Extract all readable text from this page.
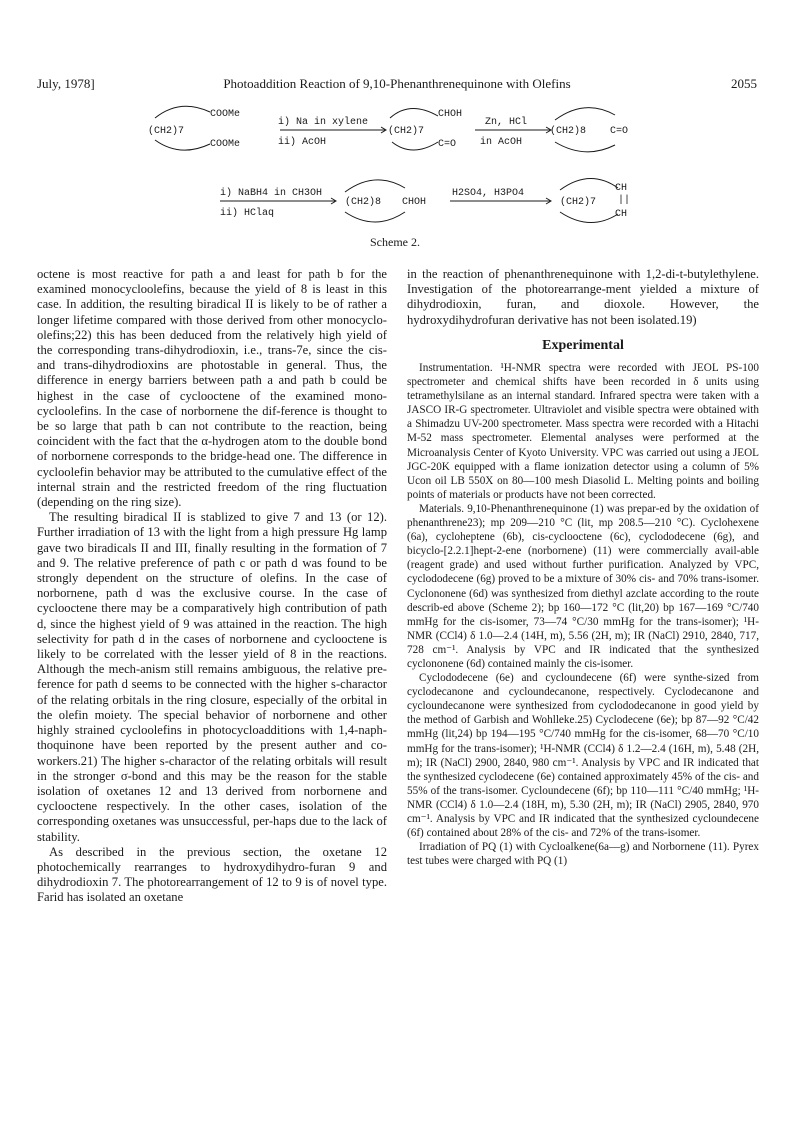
July, 1978]	Photoaddition Reaction of 9,10-Phenanthrenequinone with Olefins	2055
(CH2)7
COOMe
COOMe
i) Na in xylene
ii) AcOH
(CH2)7
CHOH
C=O
Zn, HCl
in AcOH
(CH2)8 C=O
i) NaBH4 in CH3OH
ii) HClaq
(CH2)8 CHOH
H2SO4, H3PO4
(CH2)7
CH
||
CH
Scheme 2.

octene is most reactive for path a and least for path b for the examined monocycloolefins, because the yield of 8 is least in this case. In addition, the resulting biradical II is likely to be of rather a longer lifetime compared with those derived from other monocyclo-olefins;22) this has been deduced from the relatively high yield of the corresponding trans-dihydrodioxin, i.e., trans-7e, since the cis- and trans-dihydrodioxins are photostable in general. Thus, the difference in energy barriers between path a and path b could be highest in the case of cyclooctene of the examined mono-cycloolefins. In the case of norbornene the dif-ference is thought to be so large that path b can not contribute to the reaction, being coincident with the fact that the α-hydrogen atom to the double bond of norbornene corresponds to the bridge-head one. The difference in cycloolefin behavior may be attributed to the cumulative effect of the internal strain and the restricted freedom of the ring fluctuation (depending on the ring size).

The resulting biradical II is stablized to give 7 and 13 (or 12). Further irradiation of 13 with the light from a high pressure Hg lamp gave two biradicals II and III, finally resulting in the formation of 7 and 9. The relative preference of path c or path d was found to be strongly dependent on the structure of olefins. In the case of norbornene, path d was the exclusive course. In the case of cyclooctene there may be a comparatively high contribution of path d, since the highest yield of 9 was attained in the reaction. The high selectivity for path d in the cases of norbornene and cyclooctene is likely to be correlated with the lesser yield of 8 in the reactions. Although the mech-anism still remains ambiguous, the relative pre-ference for path d seems to be connected with the higher s-charactor of the relating orbitals in the ring closure, especially of the orbital in the olefin moiety. The special behavior of norbornene and other highly strained cycloolefins in photocycloadditions with 1,4-naph-thoquinone have been reported by the present auther and co-workers.21) The higher s-charactor of the relating orbitals will result in the stronger σ-bond and this may be the reason for the stable isolation of oxetanes 12 and 13 derived from norbornene and cyclooctene respectively. In the other cases, isolation of the corresponding oxetanes was unsuccessful, per-haps due to the lack of stability.

As described in the previous section, the oxetane 12 photochemically rearranges to hydroxydihydro-furan 9 and dihydrodioxin 7. The photorearrangement of 12 to 9 is of novel type. Farid has isolated an oxetane

in the reaction of phenanthrenequinone with 1,2-di-t-butylethylene. Investigation of the photorearrange-ment yielded a mixture of dihydrodioxin, furan, and dioxole. However, the hydroxydihydrofuran derivative has not been isolated.19)

Experimental

Instrumentation. ¹H-NMR spectra were recorded with JEOL PS-100 spectrometer and chemical shifts have been recorded in δ units using tetramethylsilane as an internal standard. Infrared spectra were taken with a JASCO IR-G spectrometer. Ultraviolet and visible spectra were obtained with a Shimadzu UV-200 spectrometer. Mass spectra were recorded with a Hitachi M-52 mass spectrometer. Elemental analyses were performed at the Microanalysis Center of Kyoto University. VPC was carried out using a JEOL JGC-20K equipped with a flame ionization detector using a column of 5% Ucon oil LB 550X on 80—100 mesh Diasolid L. Melting points and boiling points of materials or products have not been corrected.

Materials. 9,10-Phenanthrenequinone (1) was prepar-ed by the oxidation of phenanthrene23); mp 209—210 °C (lit, mp 208.5—210 °C). Cyclohexene (6a), cycloheptene (6b), cis-cyclooctene (6c), cyclododecene (6g), and bicyclo-[2.2.1]hept-2-ene (norbornene) (11) were commercially avail-able (reagent grade) and used without further purification. Analyzed by VPC, cyclododecene (6g) proved to be a mixture of 30% cis- and 70% trans-isomer. Cyclononene (6d) was synthesized from diethyl azclate according to the route describ-ed above (Scheme 2); bp 160—172 °C (lit,20) bp 167—169 °C/740 mmHg for the cis-isomer, 73—74 °C/30 mmHg for the trans-isomer); ¹H-NMR (CCl4) δ 1.0—2.4 (14H, m), 5.56 (2H, m); IR (NaCl) 2910, 2840, 717, 728 cm⁻¹. Analysis by VPC and IR indicated that the synthesized cyclononene (6d) contained mainly the cis-isomer.

Cyclododecene (6e) and cycloundecene (6f) were synthe-sized from cyclodecanone and cycloundecanone, respectively. Cyclodecanone and cycloundecanone were synthesized from cyclododecanone in good yield by the method of Garbish and Wohlleke.25) Cyclodecene (6e); bp 87—92 °C/42 mmHg (lit,24) bp 194—195 °C/740 mmHg for the cis-isomer, 68—70 °C/10 mmHg for the trans-isomer); ¹H-NMR (CCl4) δ 1.2—2.4 (16H, m), 5.48 (2H, m); IR (NaCl) 2900, 2840, 980 cm⁻¹. Analysis by VPC and IR indicated that the synthesized cyclodecene (6e) contained approximately 45% of the cis- and 55% of the trans-isomer. Cycloundecene (6f); bp 110—111 °C/40 mmHg; ¹H-NMR (CCl4) δ 1.0—2.4 (18H, m), 5.30 (2H, m); IR (NaCl) 2905, 2840, 970 cm⁻¹. Analysis by VPC and IR indicated that the synthesized cycloundecene (6f) contained about 28% of the cis- and 72% of the trans-isomer.

Irradiation of PQ (1) with Cycloalkene(6a—g) and Norbornene (11). Pyrex test tubes were charged with PQ (1)
